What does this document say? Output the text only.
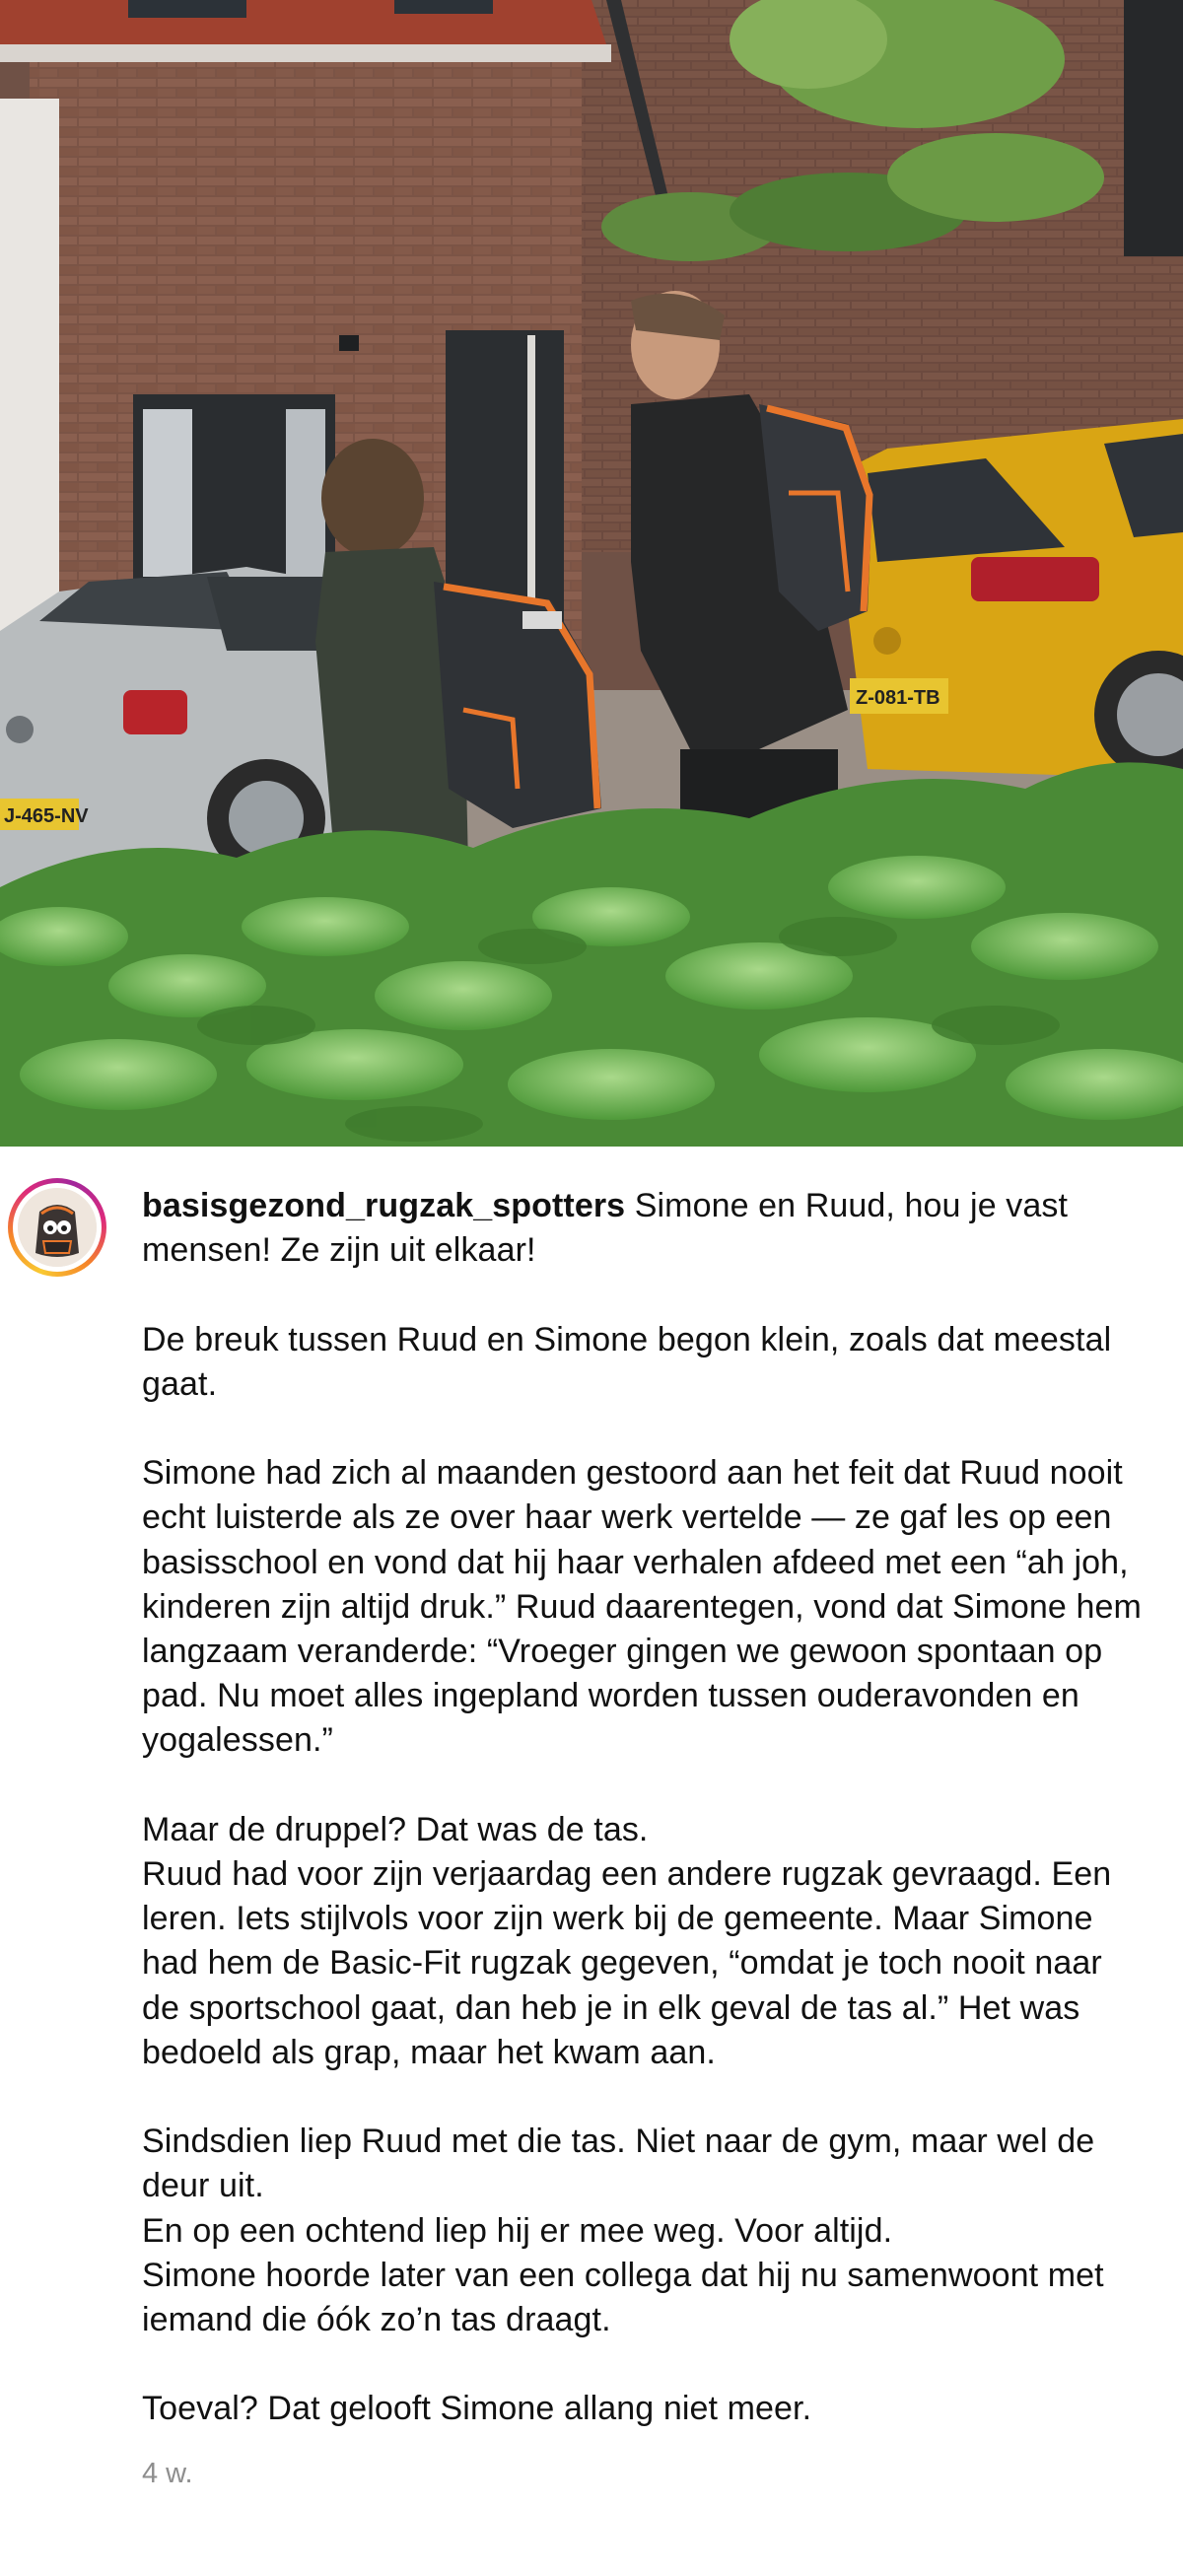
J-465-NV
Z-081-TB

basisgezond_rugzak_spotters Simone en Ruud, hou je vast mensen! Ze zijn uit elkaar!

De breuk tussen Ruud en Simone begon klein, zoals dat meestal gaat.

Simone had zich al maanden gestoord aan het feit dat Ruud nooit echt luisterde als ze over haar werk vertelde — ze gaf les op een basisschool en vond dat hij haar verhalen afdeed met een “ah joh, kinderen zijn altijd druk.” Ruud daarentegen, vond dat Simone hem langzaam veranderde: “Vroeger gingen we gewoon spontaan op pad. Nu moet alles ingepland worden tussen ouderavonden en yogalessen.”

Maar de druppel? Dat was de tas.
Ruud had voor zijn verjaardag een andere rugzak gevraagd. Een leren. Iets stijlvols voor zijn werk bij de gemeente. Maar Simone had hem de Basic-Fit rugzak gegeven, “omdat je toch nooit naar de sportschool gaat, dan heb je in elk geval de tas al.” Het was bedoeld als grap, maar het kwam aan.

Sindsdien liep Ruud met die tas. Niet naar de gym, maar wel de deur uit.
En op een ochtend liep hij er mee weg. Voor altijd.
Simone hoorde later van een collega dat hij nu samenwoont met iemand die óók zo’n tas draagt.

Toeval? Dat gelooft Simone allang niet meer.

4 w.
